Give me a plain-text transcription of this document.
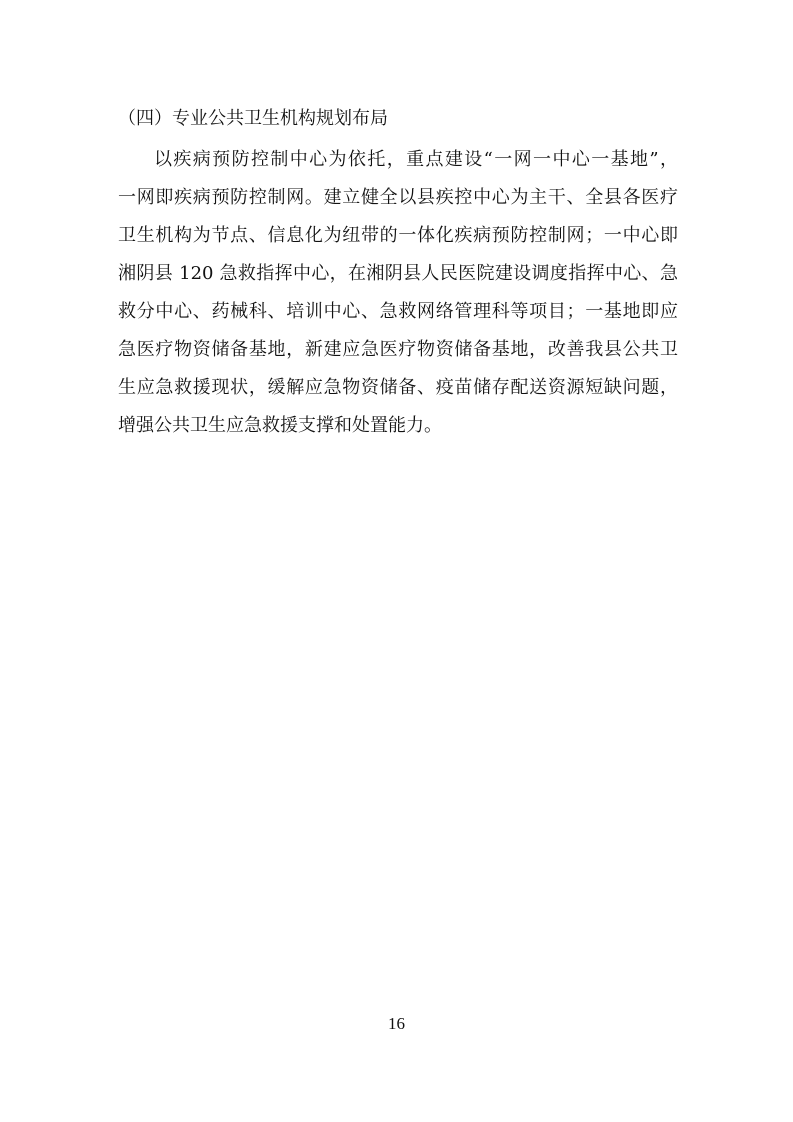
（四）专业公共卫生机构规划布局
以疾病预防控制中心为依托，重点建设“一网一中心一基地”，
一网即疾病预防控制网。建立健全以县疾控中心为主干、全县各医疗
卫生机构为节点、信息化为纽带的一体化疾病预防控制网；一中心即
湘阴县 120 急救指挥中心，在湘阴县人民医院建设调度指挥中心、急
救分中心、药械科、培训中心、急救网络管理科等项目；一基地即应
急医疗物资储备基地，新建应急医疗物资储备基地，改善我县公共卫
生应急救援现状，缓解应急物资储备、疫苗储存配送资源短缺问题，
增强公共卫生应急救援支撑和处置能力。
16
